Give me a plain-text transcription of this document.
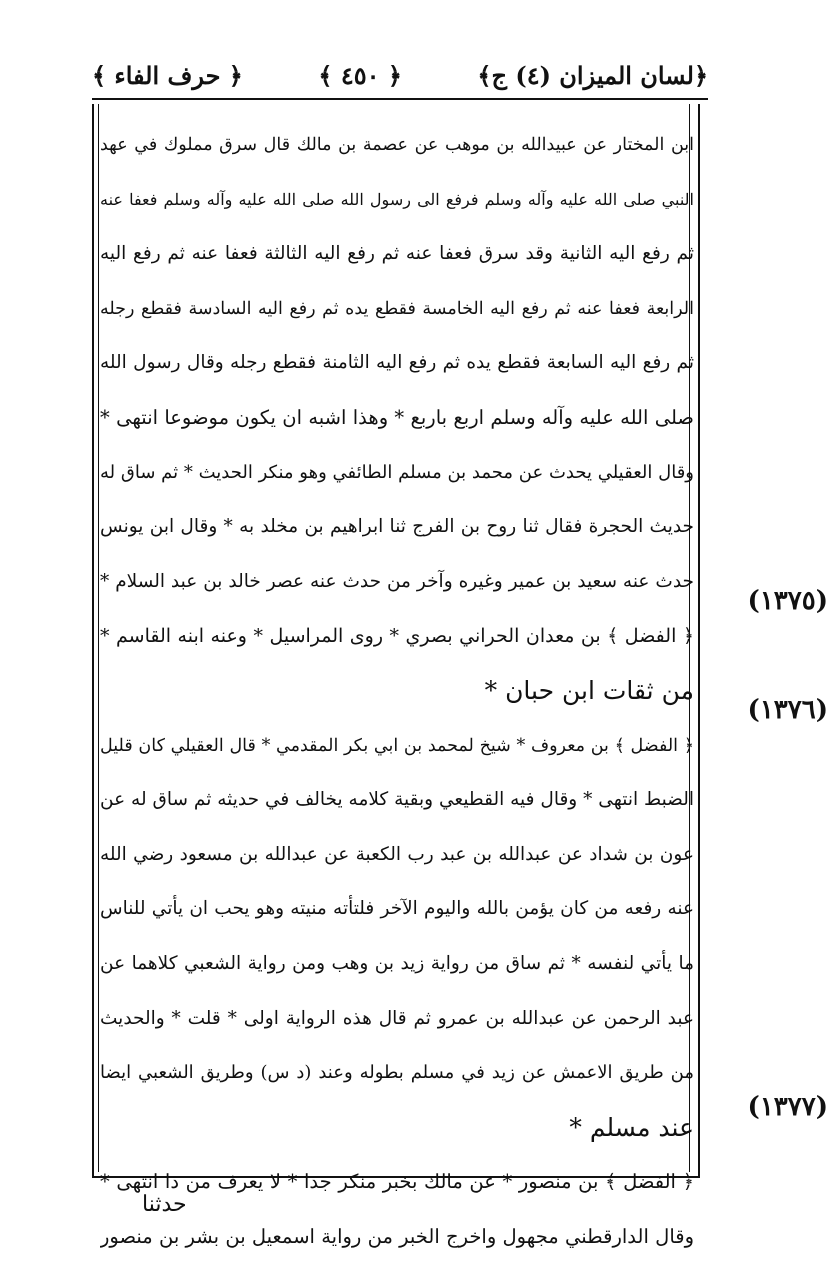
﴿لسان الميزان (٤) ج﴾
﴿ ٤٥٠ ﴾
﴿ حرف الفاء ﴾
ابن المختار عن عبيدالله بن موهب عن عصمة بن مالك قال سرق مملوك في عهد
النبي صلى الله عليه وآله وسلم فرفع الى رسول الله صلى الله عليه وآله وسلم فعفا عنه
ثم رفع اليه الثانية وقد سرق فعفا عنه ثم رفع اليه الثالثة فعفا عنه ثم رفع اليه
الرابعة فعفا عنه ثم رفع اليه الخامسة فقطع يده ثم رفع اليه السادسة فقطع رجله
ثم رفع اليه السابعة فقطع يده ثم رفع اليه الثامنة فقطع رجله وقال رسول الله
صلى الله عليه وآله وسلم اربع باربع * وهذا اشبه ان يكون موضوعا انتهى *
وقال العقيلي يحدث عن محمد بن مسلم الطائفي وهو منكر الحديث * ثم ساق له
حديث الحجرة فقال ثنا روح بن الفرج ثنا ابراهيم بن مخلد به * وقال ابن يونس
حدث عنه سعيد بن عمير وغيره وآخر من حدث عنه عصر خالد بن عبد السلام *
﴿ الفضل ﴾ بن معدان الحراني بصري * روى المراسيل * وعنه ابنه القاسم *
من ثقات ابن حبان *
﴿ الفضل ﴾ بن معروف * شيخ لمحمد بن ابي بكر المقدمي * قال العقيلي كان قليل
الضبط انتهى * وقال فيه القطيعي وبقية كلامه يخالف في حديثه ثم ساق له عن
عون بن شداد عن عبدالله بن عبد رب الكعبة عن عبدالله بن مسعود رضي الله
عنه رفعه من كان يؤمن بالله واليوم الآخر فلتأته منيته وهو يحب ان يأتي للناس
ما يأتي لنفسه * ثم ساق من رواية زيد بن وهب ومن رواية الشعبي كلاهما عن
عبد الرحمن عن عبدالله بن عمرو ثم قال هذه الرواية اولى * قلت * والحديث
من طريق الاعمش عن زيد في مسلم بطوله وعند (د س) وطريق الشعبي ايضا
عند مسلم *
﴿ الفضل ﴾ بن منصور * عن مالك بخبر منكر جدا * لا يعرف من ذا انتهى *
وقال الدارقطني مجهول واخرج الخبر من رواية اسمعيل بن بشر بن منصور
(١٣٧٥)
(١٣٧٦)
(١٣٧٧)
حدثنا
